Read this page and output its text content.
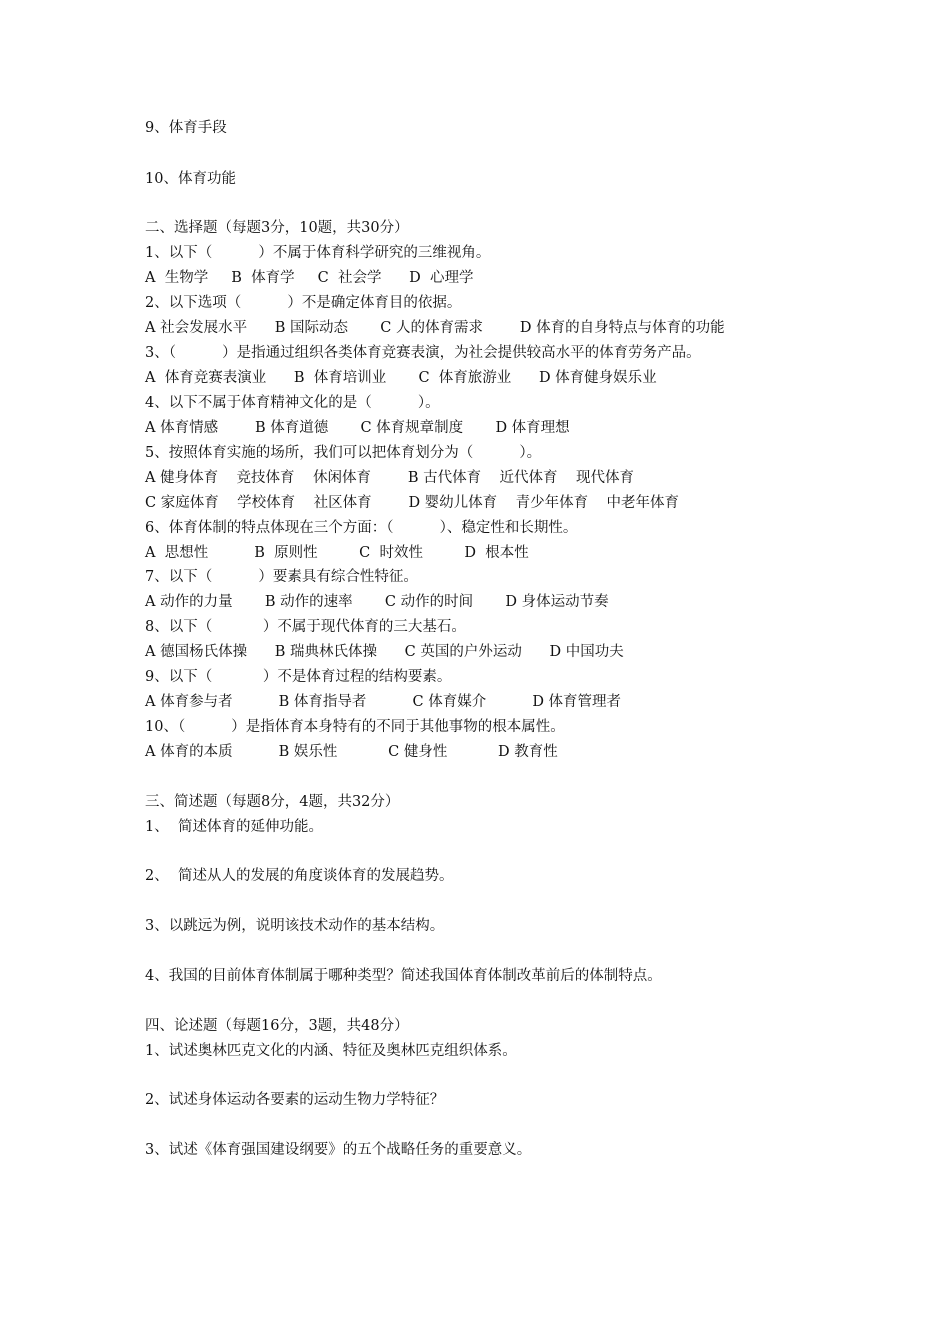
9、体育手段
10、体育功能
二、选择题（每题3分，10题，共30分）
1、以下（          ）不属于体育科学研究的三维视角。
A  生物学     B  体育学     C  社会学      D  心理学
2、以下选项（          ）不是确定体育目的依据。
A 社会发展水平      B 国际动态       C 人的体育需求        D 体育的自身特点与体育的功能
3、（          ）是指通过组织各类体育竞赛表演，为社会提供较高水平的体育劳务产品。
A  体育竞赛表演业      B  体育培训业       C  体育旅游业      D 体育健身娱乐业
4、以下不属于体育精神文化的是（          ）。
A 体育情感        B 体育道德       C 体育规章制度       D 体育理想
5、按照体育实施的场所，我们可以把体育划分为（          ）。
A 健身体育    竞技体育    休闲体育        B 古代体育    近代体育    现代体育
C 家庭体育    学校体育    社区体育        D 婴幼儿体育    青少年体育    中老年体育
6、体育体制的特点体现在三个方面：（          ）、稳定性和长期性。
A  思想性          B  原则性         C  时效性         D  根本性
7、以下（          ）要素具有综合性特征。
A 动作的力量       B 动作的速率       C 动作的时间       D 身体运动节奏
8、以下（           ）不属于现代体育的三大基石。
A 德国杨氏体操      B 瑞典林氏体操      C 英国的户外运动      D 中国功夫
9、以下（           ）不是体育过程的结构要素。
A 体育参与者          B 体育指导者          C 体育媒介          D 体育管理者
10、（          ）是指体育本身特有的不同于其他事物的根本属性。
A 体育的本质          B 娱乐性           C 健身性           D 教育性
三、简述题（每题8分，4题，共32分）
1、  简述体育的延伸功能。
2、  简述从人的发展的角度谈体育的发展趋势。
3、以跳远为例，说明该技术动作的基本结构。
4、我国的目前体育体制属于哪种类型？简述我国体育体制改革前后的体制特点。
四、论述题（每题16分，3题，共48分）
1、试述奥林匹克文化的内涵、特征及奥林匹克组织体系。
2、试述身体运动各要素的运动生物力学特征？
3、试述《体育强国建设纲要》的五个战略任务的重要意义。
